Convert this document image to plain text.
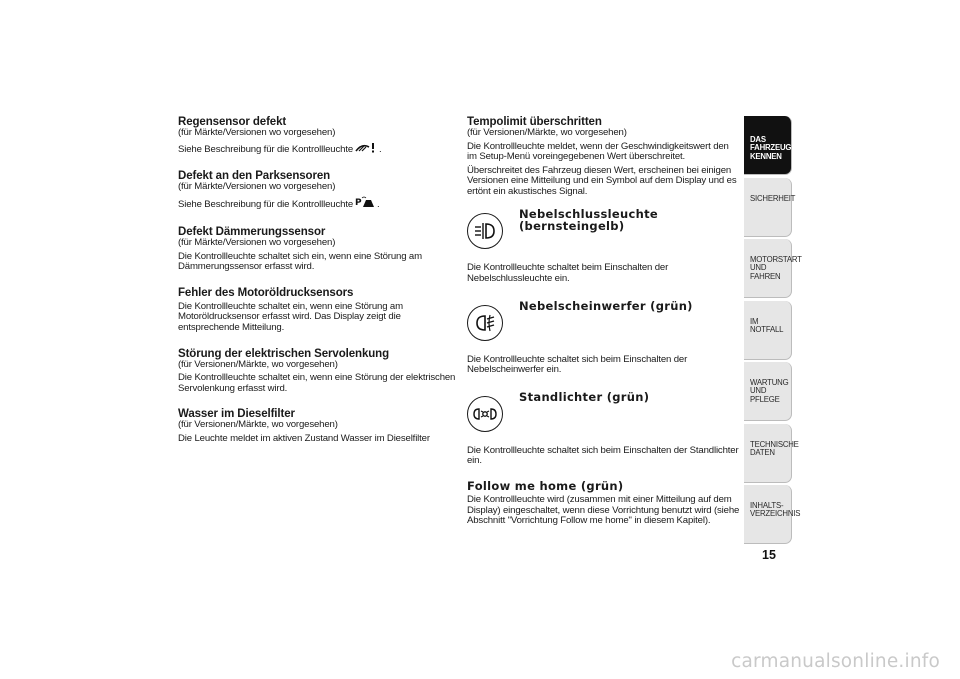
Regensensor defekt

(für Märkte/Versionen wo vorgesehen)

Siehe Beschreibung für die Kontrollleuchte	.

Defekt an den Parksensoren

(für Märkte/Versionen wo vorgesehen)

Siehe Beschreibung für die Kontrollleuchte P .

Defekt Dämmerungssensor

(für Märkte/Versionen wo vorgesehen)

Die Kontrollleuchte schaltet sich ein, wenn eine Störung am Dämmerungssensor erfasst wird.

Fehler des Motoröldrucksensors

Die Kontrollleuchte schaltet ein, wenn eine Störung am Motoröldrucksensor erfasst wird. Das Display zeigt die entsprechende Mitteilung.

Störung der elektrischen Servolenkung

(für Versionen/Märkte, wo vorgesehen)

Die Kontrollleuchte schaltet ein, wenn eine Störung der elektrischen Servolenkung erfasst wird.

Wasser im Dieselfilter

(für Versionen/Märkte, wo vorgesehen)

Die Leuchte meldet im aktiven Zustand Wasser im Dieselfilter

Tempolimit überschritten

(für Versionen/Märkte, wo vorgesehen)

Die Kontrollleuchte meldet, wenn der Geschwindigkeitswert den im Setup-Menü voreingegebenen Wert überschreitet.

Überschreitet des Fahrzeug diesen Wert, erscheinen bei einigen Versionen eine Mitteilung und ein Symbol auf dem Display und es ertönt ein akustisches Signal.

Nebelschlussleuchte (bernsteingelb)

Die Kontrollleuchte schaltet beim Einschalten der Nebelschlussleuchte ein.

Nebelscheinwerfer (grün)

Die Kontrollleuchte schaltet sich beim Einschalten der Nebelscheinwerfer ein.

Standlichter (grün)

Die Kontrollleuchte schaltet sich beim Einschalten der Standlichter ein.

Follow me home (grün)

Die Kontrollleuchte wird (zusammen mit einer Mitteilung auf dem Display) eingeschaltet, wenn diese Vorrichtung benutzt wird (siehe Abschnitt "Vorrichtung Follow me home" in diesem Kapitel).

DAS FAHRZEUG KENNEN
SICHERHEIT
MOTORSTART UND FAHREN
IM NOTFALL
WARTUNG UND PFLEGE
TECHNISCHE DATEN
INHALTS-VERZEICHNIS
15
carmanualsonline.info
